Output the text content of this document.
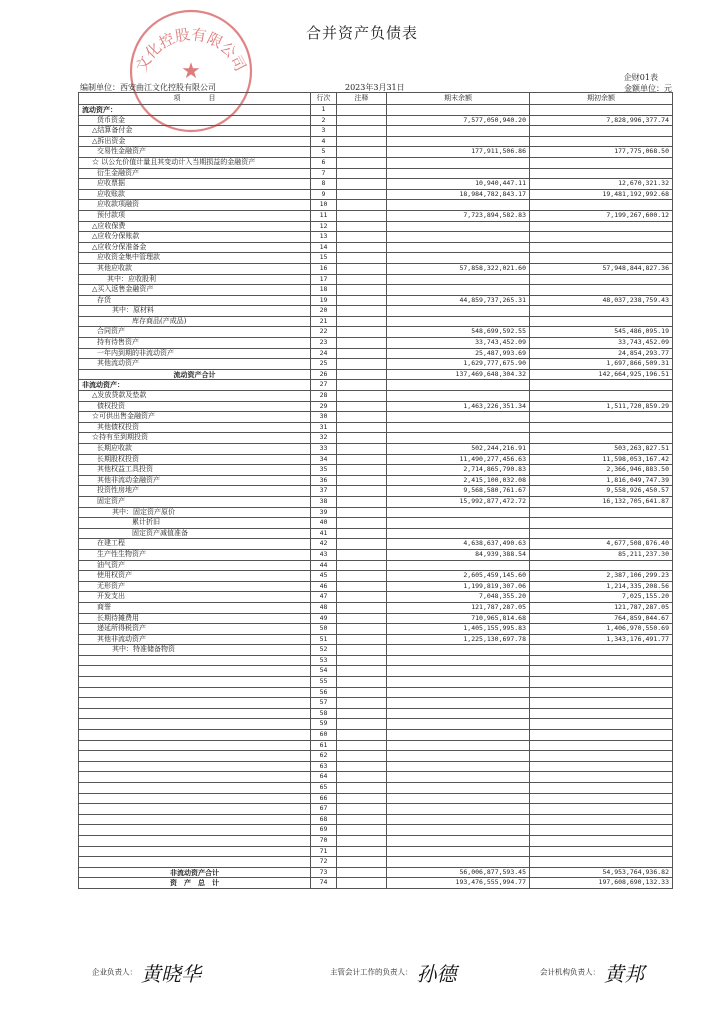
文化控股有限公司
★
合并资产负债表
企财01表
编制单位：西安曲江文化控股有限公司	2023年3月31日	金额单位：元
项　　　　目	行次	注释	期末余额	期初余额
流动资产：	1			
货币资金	2		7,577,050,940.20	7,828,996,377.74
△结算备付金	3			
△拆出资金	4			
交易性金融资产	5		177,911,506.86	177,775,068.50
☆ 以公允价值计量且其变动计入当期损益的金融资产	6			
衍生金融资产	7			
应收票据	8		10,940,447.11	12,670,321.32
应收账款	9		18,984,782,843.17	19,481,192,992.68
应收款项融资	10			
预付款项	11		7,723,894,582.83	7,199,267,600.12
△应收保费	12			
△应收分保账款	13			
△应收分保准备金	14			
应收资金集中管理款	15			
其他应收款	16		57,858,322,021.60	57,948,844,827.36
其中：应收股利	17			
△买入返售金融资产	18			
存货	19		44,859,737,265.31	48,037,238,759.43
其中：原材料	20			
库存商品(产成品)	21			
合同资产	22		548,699,592.55	545,486,095.19
持有待售资产	23		33,743,452.09	33,743,452.09
一年内到期的非流动资产	24		25,487,993.69	24,854,293.77
其他流动资产	25		1,629,777,675.90	1,697,866,509.31
流动资产合计	26		137,469,648,304.32	142,664,925,196.51
非流动资产：	27			
△发放贷款及垫款	28			
债权投资	29		1,463,226,351.34	1,511,720,859.29
☆可供出售金融资产	30			
其他债权投资	31			
☆持有至到期投资	32			
长期应收款	33		502,244,216.91	503,263,827.51
长期股权投资	34		11,490,277,456.63	11,598,053,167.42
其他权益工具投资	35		2,714,865,790.83	2,366,946,883.50
其他非流动金融资产	36		2,415,100,032.08	1,816,049,747.39
投资性房地产	37		9,568,580,761.67	9,558,926,450.57
固定资产	38		15,992,877,472.72	16,132,705,641.87
其中：固定资产原价	39			
累计折旧	40			
固定资产减值准备	41			
在建工程	42		4,638,637,490.63	4,677,508,876.40
生产性生物资产	43		84,939,388.54	85,211,237.30
油气资产	44			
使用权资产	45		2,605,459,145.60	2,387,106,299.23
无形资产	46		1,199,819,307.06	1,214,335,208.56
开发支出	47		7,048,355.20	7,025,155.20
商誉	48		121,787,287.05	121,787,287.05
长期待摊费用	49		710,965,814.68	764,859,044.67
递延所得税资产	50		1,405,155,995.83	1,406,970,550.69
其他非流动资产	51		1,225,130,697.78	1,343,176,491.77
其中：特准储备物资	52			
	53			
	54			
	55			
	56			
	57			
	58			
	59			
	60			
	61			
	62			
	63			
	64			
	65			
	66			
	67			
	68			
	69			
	70			
	71			
	72			
非流动资产合计	73		56,006,877,593.45	54,953,764,936.82
资　产　总　计	74		193,476,555,994.77	197,608,690,132.33
企业负责人： 黄晓华	主管会计工作的负责人： 孙德	会计机构负责人： 黄邦
